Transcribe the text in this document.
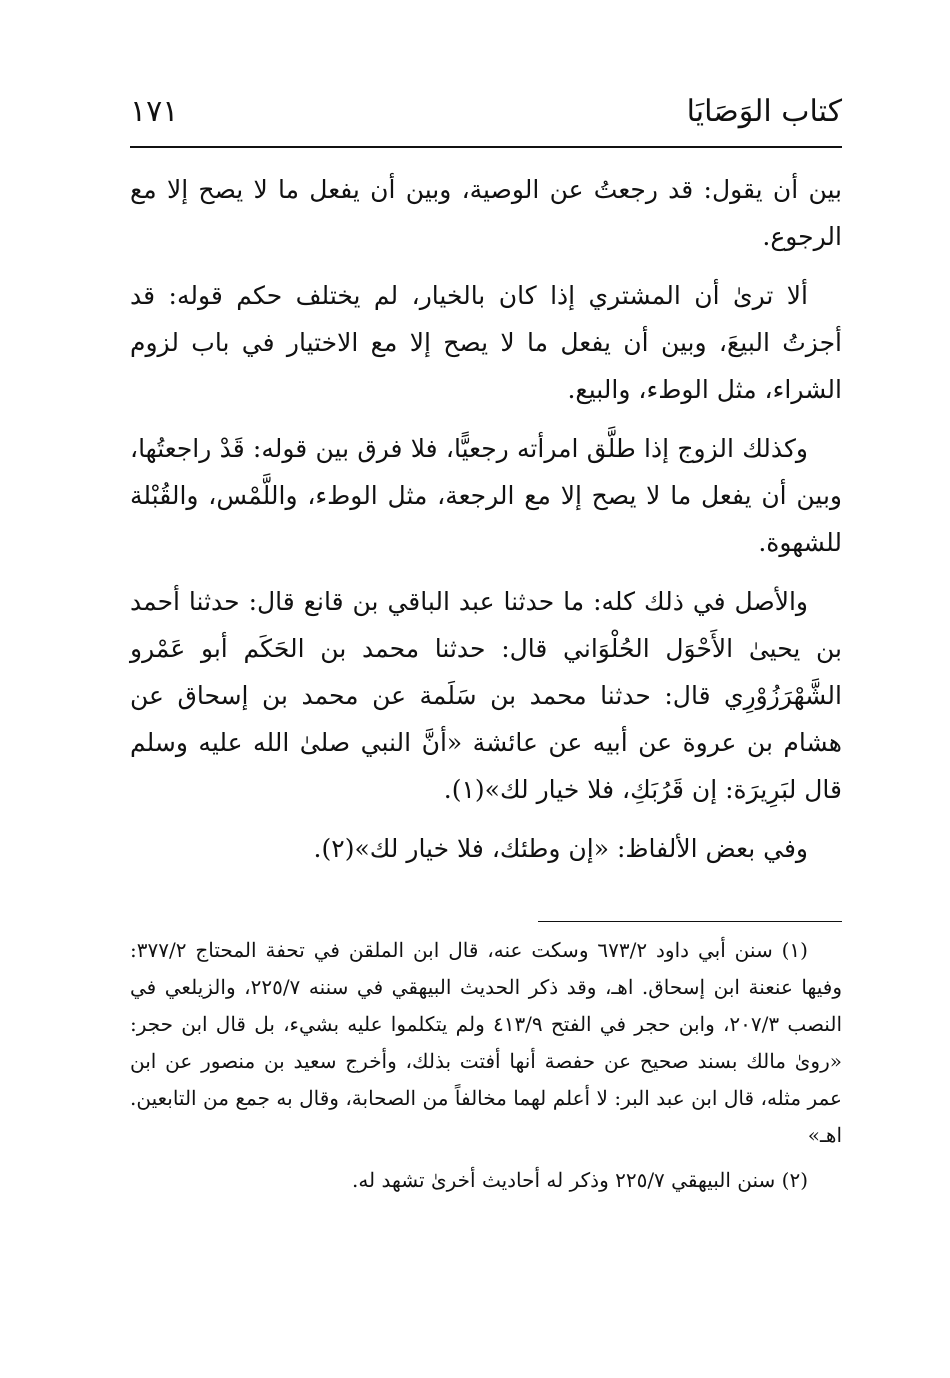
كتاب الوَصَايَا
١٧١

بين أن يقول: قد رجعتُ عن الوصية، وبين أن يفعل ما لا يصح إلا مع الرجوع.

ألا ترىٰ أن المشتري إذا كان بالخيار، لم يختلف حكم قوله: قد أجزتُ البيعَ، وبين أن يفعل ما لا يصح إلا مع الاختيار في باب لزوم الشراء، مثل الوطء، والبيع.

وكذلك الزوج إذا طلَّق امرأته رجعيًّا، فلا فرق بين قوله: قَدْ راجعتُها، وبين أن يفعل ما لا يصح إلا مع الرجعة، مثل الوطء، واللَّمْس، والقُبْلة للشهوة.

والأصل في ذلك كله: ما حدثنا عبد الباقي بن قانع قال: حدثنا أحمد بن يحيىٰ الأَحْوَل الحُلْوَاني قال: حدثنا محمد بن الحَكَم أبو عَمْرو الشَّهْرَزُوْرِي قال: حدثنا محمد بن سَلَمة عن محمد بن إسحاق عن هشام بن عروة عن أبيه عن عائشة «أنَّ النبي صلىٰ الله عليه وسلم قال لبَرِيرَة: إن قَرُبَكِ، فلا خيار لك»(١).

وفي بعض الألفاظ: «إن وطئك، فلا خيار لك»(٢).

(١) سنن أبي داود ٦٧٣/٢ وسكت عنه، قال ابن الملقن في تحفة المحتاج ٣٧٧/٢: وفيها عنعنة ابن إسحاق. اهـ، وقد ذكر الحديث البيهقي في سننه ٢٢٥/٧، والزيلعي في النصب ٢٠٧/٣، وابن حجر في الفتح ٤١٣/٩ ولم يتكلموا عليه بشيء، بل قال ابن حجر: «روىٰ مالك بسند صحيح عن حفصة أنها أفتت بذلك، وأخرج سعيد بن منصور عن ابن عمر مثله، قال ابن عبد البر: لا أعلم لهما مخالفاً من الصحابة، وقال به جمع من التابعين. اهـ»

(٢) سنن البيهقي ٢٢٥/٧ وذكر له أحاديث أخرىٰ تشهد له.
